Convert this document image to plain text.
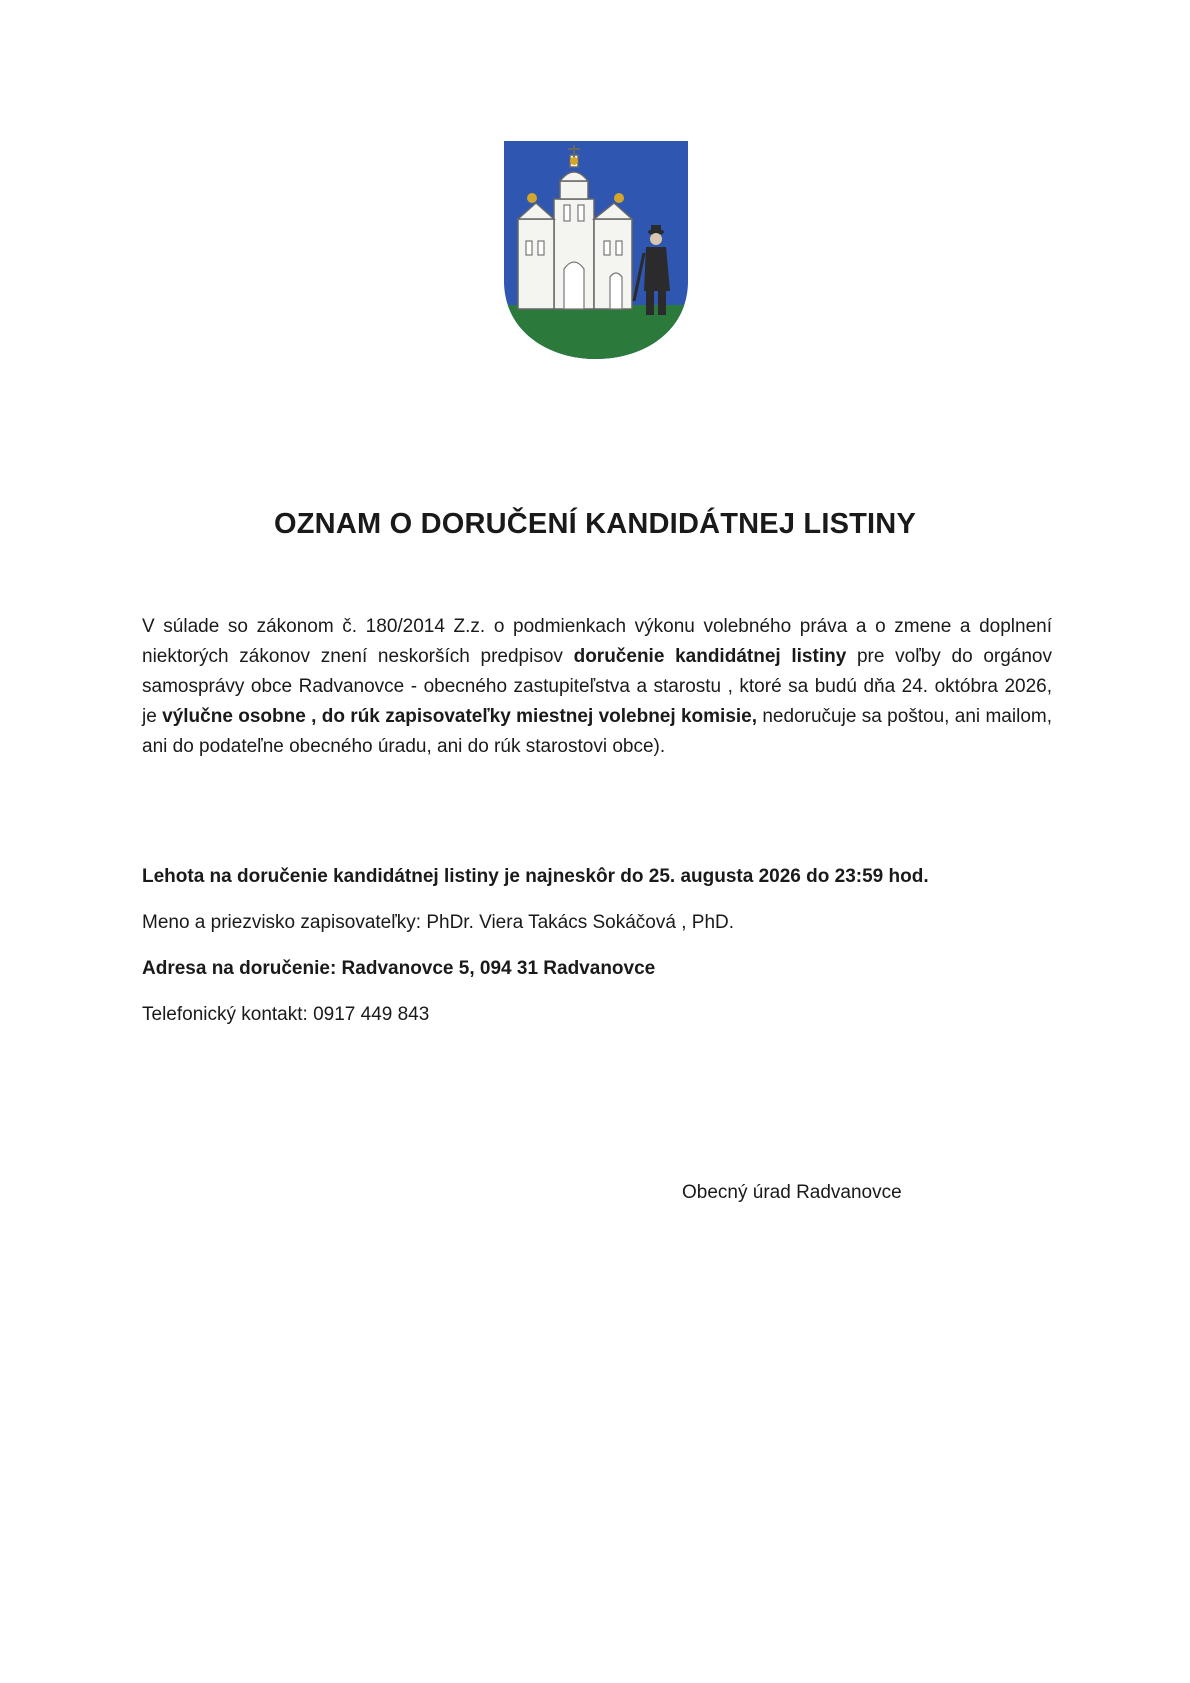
OZNAM O DORUČENÍ KANDIDÁTNEJ LISTINY

V súlade so zákonom č. 180/2014 Z.z. o podmienkach výkonu volebného práva a o zmene a doplnení niektorých zákonov znení neskorších predpisov doručenie kandidátnej listiny pre voľby do orgánov samosprávy obce Radvanovce - obecného zastupiteľstva a starostu , ktoré sa budú dňa 24. októbra 2026, je výlučne osobne , do rúk zapisovateľky miestnej volebnej komisie, nedoručuje sa poštou, ani mailom, ani do podateľne obecného úradu, ani do rúk starostovi obce).

Lehota na doručenie kandidátnej listiny je najneskôr do 25. augusta 2026 do 23:59 hod.

Meno a priezvisko zapisovateľky: PhDr. Viera Takács Sokáčová , PhD.

Adresa na doručenie: Radvanovce 5, 094 31 Radvanovce

Telefonický kontakt: 0917 449 843

Obecný úrad Radvanovce
